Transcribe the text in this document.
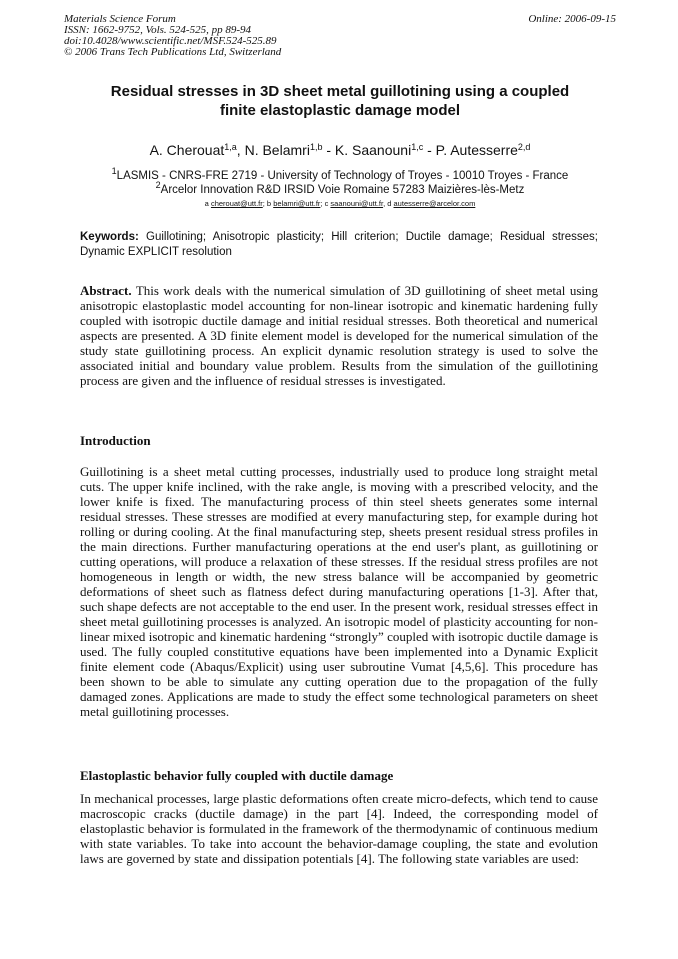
Materials Science Forum
ISSN: 1662-9752, Vols. 524-525, pp 89-94
doi:10.4028/www.scientific.net/MSF.524-525.89
© 2006 Trans Tech Publications Ltd, Switzerland
Online: 2006-09-15
Residual stresses in 3D sheet metal guillotining using a coupled
finite elastoplastic damage model
A. Cherouat$^{1,a}$, N. Belamri$^{1,b}$ - K. Saanouni$^{1,c}$ - P. Autesserre$^{2,d}$
$^1$LASMIS - CNRS-FRE 2719 - University of Technology of Troyes - 10010 Troyes - France
$^2$Arcelor Innovation R&D IRSID Voie Romaine 57283 Maizières-lès-Metz
a cherouat@utt.fr; b belamri@utt.fr; c saanouni@utt.fr, d autesserre@arcelor.com
Keywords: Guillotining; Anisotropic plasticity; Hill criterion; Ductile damage; Residual stresses; Dynamic EXPLICIT resolution
Abstract. This work deals with the numerical simulation of 3D guillotining of sheet metal using anisotropic elastoplastic model accounting for non-linear isotropic and kinematic hardening fully coupled with isotropic ductile damage and initial residual stresses. Both theoretical and numerical aspects are presented. A 3D finite element model is developed for the numerical simulation of the study state guillotining process. An explicit dynamic resolution strategy is used to solve the associated initial and boundary value problem. Results from the simulation of the guillotining process are given and the influence of residual stresses is investigated.
Introduction
Guillotining is a sheet metal cutting processes, industrially used to produce long straight metal cuts. The upper knife inclined, with the rake angle, is moving with a prescribed velocity, and the lower knife is fixed. The manufacturing process of thin steel sheets generates some internal residual stresses. These stresses are modified at every manufacturing step, for example during hot rolling or during cooling. At the final manufacturing step, sheets present residual stress profiles in the main directions. Further manufacturing operations at the end user's plant, as guillotining or cutting operations, will produce a relaxation of these stresses. If the residual stress profiles are not homogeneous in length or width, the new stress balance will be accompanied by geometric deformations of sheet such as flatness defect during manufacturing operations [1-3]. After that, such shape defects are not acceptable to the end user. In the present work, residual stresses effect in sheet metal guillotining processes is analyzed. An isotropic model of plasticity accounting for non-linear mixed isotropic and kinematic hardening “strongly” coupled with isotropic ductile damage is used. The fully coupled constitutive equations have been implemented into a Dynamic Explicit finite element code (Abaqus/Explicit) using user subroutine Vumat [4,5,6]. This procedure has been shown to be able to simulate any cutting operation due to the propagation of the fully damaged zones. Applications are made to study the effect some technological parameters on sheet metal guillotining processes.
Elastoplastic behavior fully coupled with ductile damage
In mechanical processes, large plastic deformations often create micro-defects, which tend to cause macroscopic cracks (ductile damage) in the part [4]. Indeed, the corresponding model of elastoplastic behavior is formulated in the framework of the thermodynamic of continuous medium with state variables. To take into account the behavior-damage coupling, the state and evolution laws are governed by state and dissipation potentials [4]. The following state variables are used:
